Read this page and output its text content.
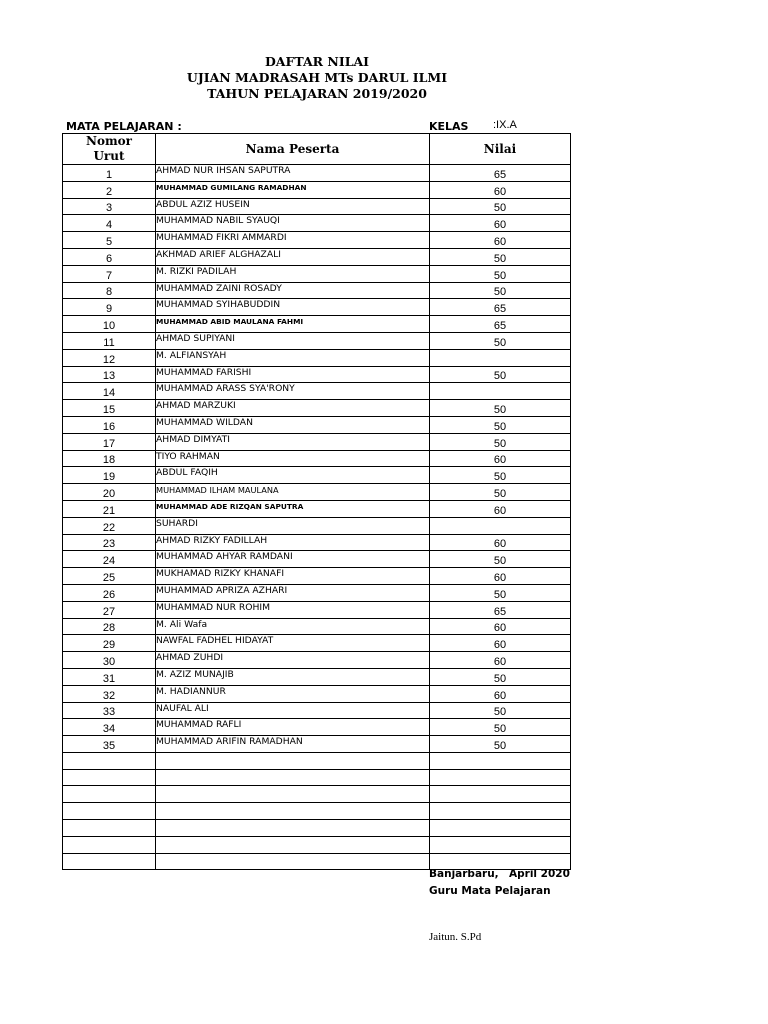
DAFTAR NILAI
UJIAN MADRASAH MTs DARUL ILMI
TAHUN PELAJARAN 2019/2020
MATA PELAJARAN :	KELAS :IX.A
Nomor
Urut	Nama Peserta	Nilai
1	AHMAD NUR IHSAN SAPUTRA	65
2	MUHAMMAD GUMILANG RAMADHAN	60
3	ABDUL AZIZ HUSEIN	50
4	MUHAMMAD NABIL SYAUQI	60
5	MUHAMMAD FIKRI AMMARDI	60
6	AKHMAD ARIEF ALGHAZALI	50
7	M. RIZKI PADILAH	50
8	MUHAMMAD ZAINI ROSADY	50
9	MUHAMMAD SYIHABUDDIN	65
10	MUHAMMAD ABID MAULANA FAHMI	65
11	AHMAD SUPIYANI	50
12	M. ALFIANSYAH	
13	MUHAMMAD FARISHI	50
14	MUHAMMAD ARASS SYA'RONY	
15	AHMAD MARZUKI	50
16	MUHAMMAD WILDAN	50
17	AHMAD DIMYATI	50
18	TIYO RAHMAN	60
19	ABDUL FAQIH	50
20	MUHAMMAD ILHAM MAULANA	50
21	MUHAMMAD ADE RIZQAN SAPUTRA	60
22	SUHARDI	
23	AHMAD RIZKY FADILLAH	60
24	MUHAMMAD AHYAR RAMDANI	50
25	MUKHAMAD RIZKY KHANAFI	60
26	MUHAMMAD APRIZA AZHARI	50
27	MUHAMMAD NUR ROHIM	65
28	M. Ali Wafa	60
29	NAWFAL FADHEL HIDAYAT	60
30	AHMAD ZUHDI	60
31	M. AZIZ MUNAJIB	50
32	M. HADIANNUR	60
33	NAUFAL ALI	50
34	MUHAMMAD RAFLI	50
35	MUHAMMAD ARIFIN RAMADHAN	50

Banjarbaru, April 2020
Guru Mata Pelajaran
Jaitun. S.Pd
